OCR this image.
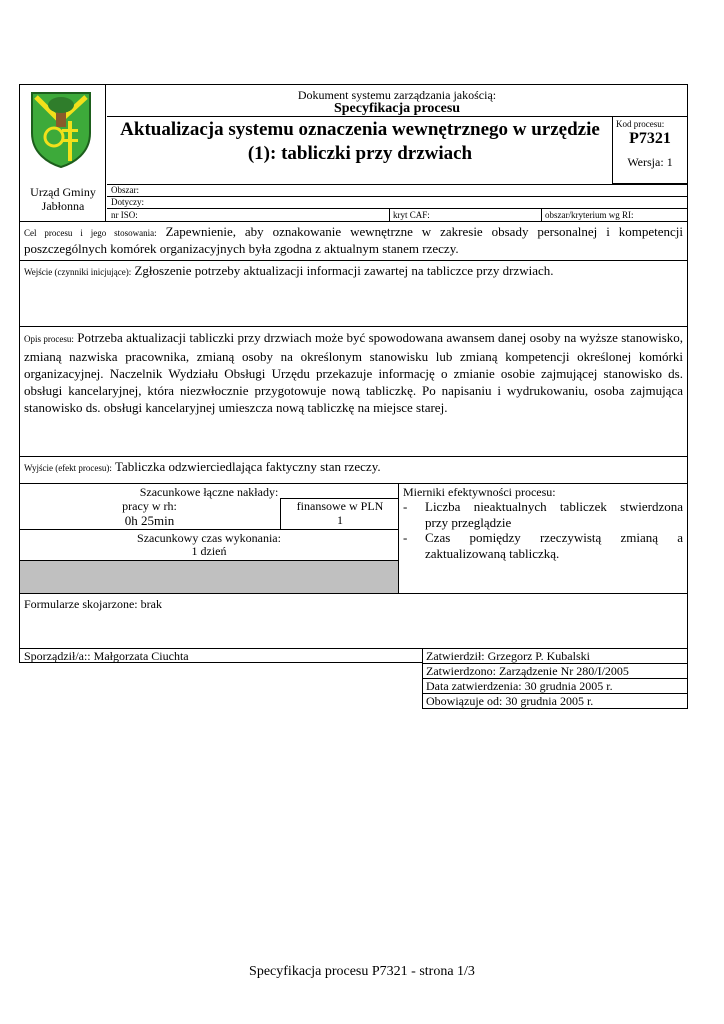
Urząd Gminy
Jabłonna
Dokument systemu zarządzania jakością:
Specyfikacja procesu
Aktualizacja systemu oznaczenia wewnętrznego w urzędzie
(1): tabliczki przy drzwiach
Kod procesu:
P7321
Wersja: 1
Obszar:
Dotyczy:
nr ISO:	kryt CAF:	obszar/kryterium wg RI:
Cel procesu i jego stosowania: Zapewnienie, aby oznakowanie wewnętrzne w zakresie obsady personalnej i kompetencji poszczególnych komórek organizacyjnych była zgodna z aktualnym stanem rzeczy.
Wejście (czynniki inicjujące): Zgłoszenie potrzeby aktualizacji informacji zawartej na tabliczce przy drzwiach.
Opis procesu: Potrzeba aktualizacji tabliczki przy drzwiach może być spowodowana awansem danej osoby na wyższe stanowisko, zmianą nazwiska pracownika, zmianą osoby na określonym stanowisku lub zmianą kompetencji określonej komórki organizacyjnej. Naczelnik Wydziału Obsługi Urzędu przekazuje informację o zmianie osobie zajmującej stanowisko ds. obsługi kancelaryjnej, która niezwłocznie przygotowuje nową tabliczkę. Po napisaniu i wydrukowaniu, osoba zajmująca stanowisko ds. obsługi kancelaryjnej umieszcza nową tabliczkę na miejsce starej.
Wyjście (efekt procesu): Tabliczka odzwierciedlająca faktyczny stan rzeczy.
Szacunkowe łączne nakłady:
pracy w rh:
0h 25min
finansowe w PLN
1
Szacunkowy czas wykonania:
1 dzień
Mierniki efektywności procesu:
- Liczba nieaktualnych tabliczek stwierdzona
przy przeglądzie
- Czas pomiędzy rzeczywistą zmianą a
zaktualizowaną tabliczką.
Formularze skojarzone: brak
Sporządził/a:: Małgorzata Ciuchta	Zatwierdził: Grzegorz P. Kubalski
Zatwierdzono: Zarządzenie Nr 280/I/2005
Data zatwierdzenia: 30 grudnia 2005 r.
Obowiązuje od: 30 grudnia 2005 r.
Specyfikacja procesu P7321 - strona 1/3
